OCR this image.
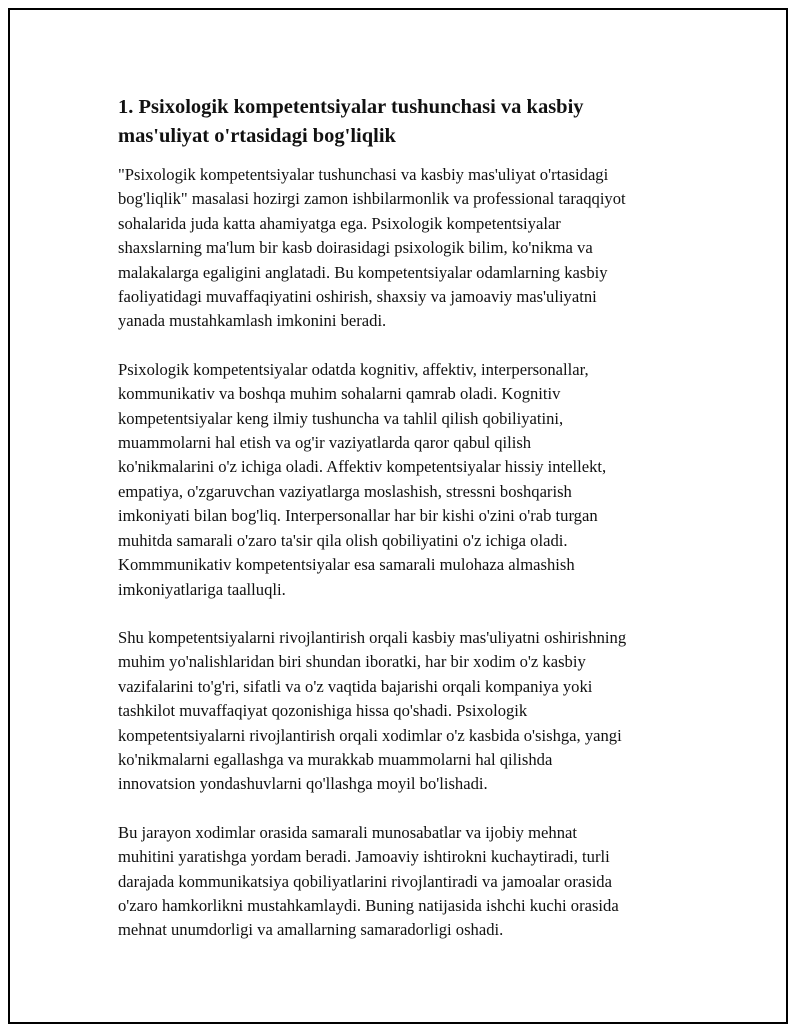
1. Psixologik kompetentsiyalar tushunchasi va kasbiy
mas'uliyat o'rtasidagi bog'liqlik

"Psixologik kompetentsiyalar tushunchasi va kasbiy mas'uliyat o'rtasidagi
bog'liqlik" masalasi hozirgi zamon ishbilarmonlik va professional taraqqiyot
sohalarida juda katta ahamiyatga ega. Psixologik kompetentsiyalar
shaxslarning ma'lum bir kasb doirasidagi psixologik bilim, ko'nikma va
malakalarga egaligini anglatadi. Bu kompetentsiyalar odamlarning kasbiy
faoliyatidagi muvaffaqiyatini oshirish, shaxsiy va jamoaviy mas'uliyatni
yanada mustahkamlash imkonini beradi.

Psixologik kompetentsiyalar odatda kognitiv, affektiv, interpersonallar,
kommunikativ va boshqa muhim sohalarni qamrab oladi. Kognitiv
kompetentsiyalar keng ilmiy tushuncha va tahlil qilish qobiliyatini,
muammolarni hal etish va og'ir vaziyatlarda qaror qabul qilish
ko'nikmalarini o'z ichiga oladi. Affektiv kompetentsiyalar hissiy intellekt,
empatiya, o'zgaruvchan vaziyatlarga moslashish, stressni boshqarish
imkoniyati bilan bog'liq. Interpersonallar har bir kishi o'zini o'rab turgan
muhitda samarali o'zaro ta'sir qila olish qobiliyatini o'z ichiga oladi.
Kommmunikativ kompetentsiyalar esa samarali mulohaza almashish
imkoniyatlariga taalluqli.

Shu kompetentsiyalarni rivojlantirish orqali kasbiy mas'uliyatni oshirishning
muhim yo'nalishlaridan biri shundan iboratki, har bir xodim o'z kasbiy
vazifalarini to'g'ri, sifatli va o'z vaqtida bajarishi orqali kompaniya yoki
tashkilot muvaffaqiyat qozonishiga hissa qo'shadi. Psixologik
kompetentsiyalarni rivojlantirish orqali xodimlar o'z kasbida o'sishga, yangi
ko'nikmalarni egallashga va murakkab muammolarni hal qilishda
innovatsion yondashuvlarni qo'llashga moyil bo'lishadi.

Bu jarayon xodimlar orasida samarali munosabatlar va ijobiy mehnat
muhitini yaratishga yordam beradi. Jamoaviy ishtirokni kuchaytiradi, turli
darajada kommunikatsiya qobiliyatlarini rivojlantiradi va jamoalar orasida
o'zaro hamkorlikni mustahkamlaydi. Buning natijasida ishchi kuchi orasida
mehnat unumdorligi va amallarning samaradorligi oshadi.
